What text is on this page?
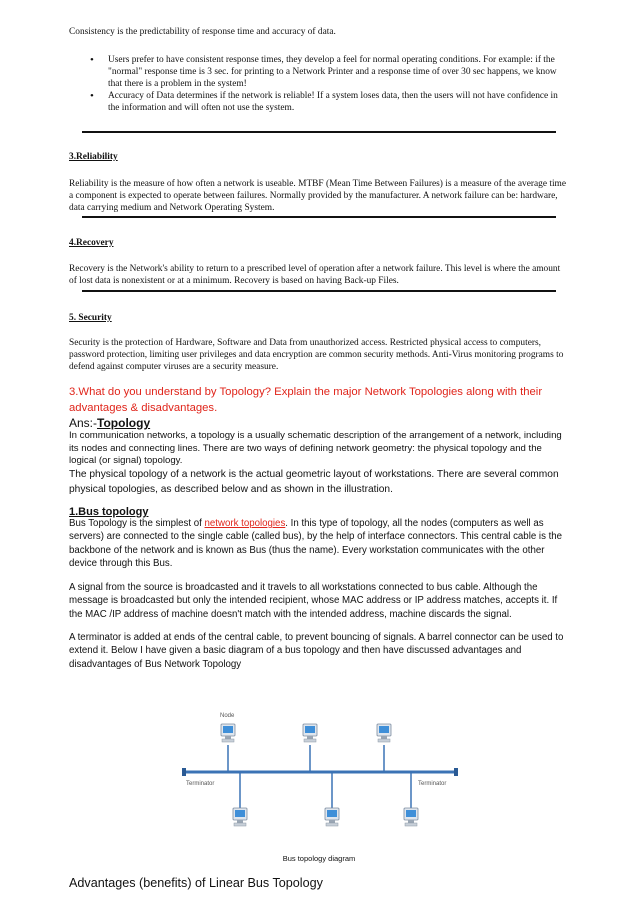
Consistency is the predictability of response time and accuracy of data.

• Users prefer to have consistent response times, they develop a feel for normal operating conditions. For example: if the "normal" response time is 3 sec. for printing to a Network Printer and a response time of over 30 sec happens, we know that there is a problem in the system!
• Accuracy of Data determines if the network is reliable! If a system loses data, then the users will not have confidence in the information and will often not use the system.

3.Reliability

Reliability is the measure of how often a network is useable. MTBF (Mean Time Between Failures) is a measure of the average time a component is expected to operate between failures. Normally provided by the manufacturer. A network failure can be: hardware, data carrying medium and Network Operating System.

4.Recovery

Recovery is the Network's ability to return to a prescribed level of operation after a network failure. This level is where the amount of lost data is nonexistent or at a minimum. Recovery is based on having Back-up Files.

5. Security

Security is the protection of Hardware, Software and Data from unauthorized access. Restricted physical access to computers, password protection, limiting user privileges and data encryption are common security methods. Anti-Virus monitoring programs to defend against computer viruses are a security measure.

3.What do you understand by Topology? Explain the major Network Topologies along with their advantages & disadvantages.

Ans:-Topology

In communication networks, a topology is a usually schematic description of the arrangement of a network, including its nodes and connecting lines. There are two ways of defining network geometry: the physical topology and the logical (or signal) topology.

The physical topology of a network is the actual geometric layout of workstations. There are several common physical topologies, as described below and as shown in the illustration.

1.Bus topology

Bus Topology is the simplest of network topologies. In this type of topology, all the nodes (computers as well as servers) are connected to the single cable (called bus), by the help of interface connectors. This central cable is the backbone of the network and is known as Bus (thus the name). Every workstation communicates with the other device through this Bus.

A signal from the source is broadcasted and it travels to all workstations connected to bus cable. Although the message is broadcasted but only the intended recipient, whose MAC address or IP address matches, accepts it. If the MAC /IP address of machine doesn't match with the intended address, machine discards the signal.

A terminator is added at ends of the central cable, to prevent bouncing of signals. A barrel connector can be used to extend it. Below I have given a basic diagram of a bus topology and then have discussed advantages and disadvantages of Bus Network Topology

Node
Terminator	Terminator

Bus topology diagram

Advantages (benefits) of Linear Bus Topology
